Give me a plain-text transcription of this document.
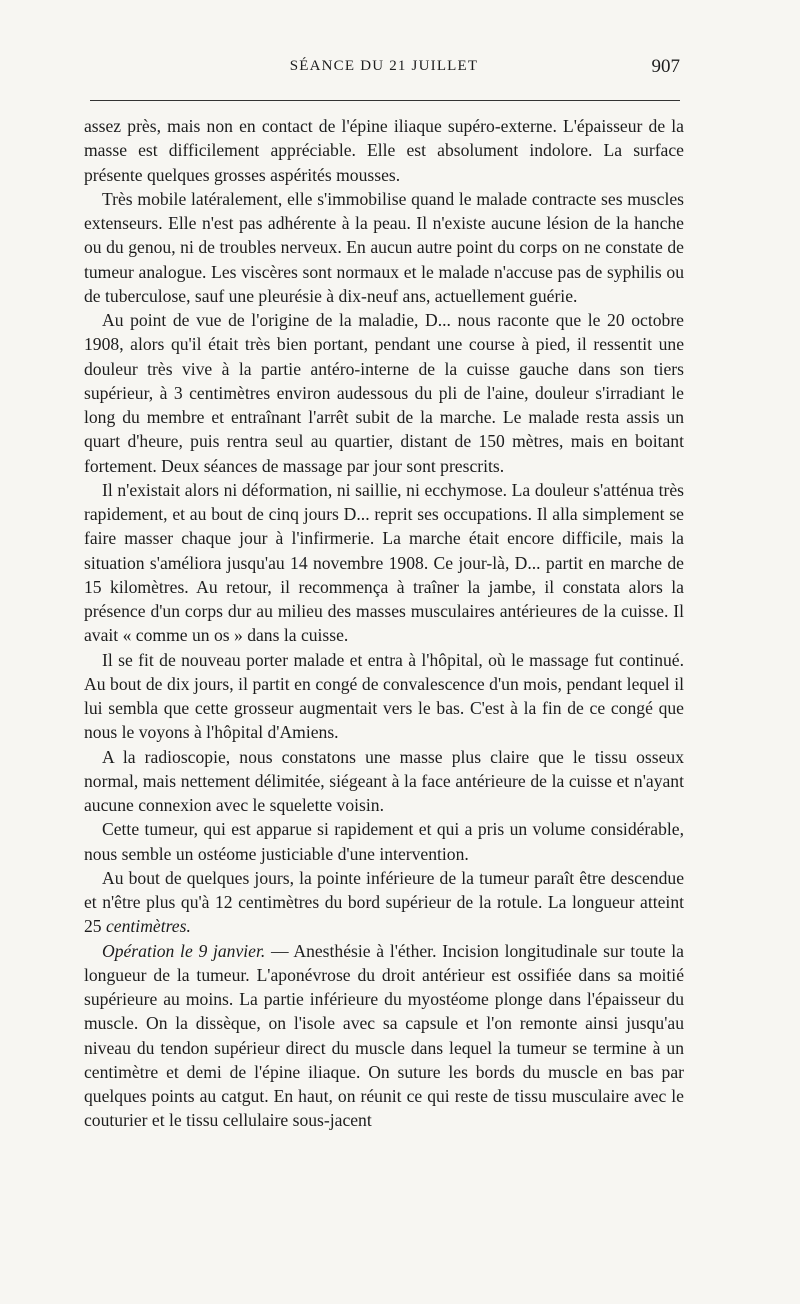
SÉANCE DU 21 JUILLET	907

assez près, mais non en contact de l'épine iliaque supéro-externe. L'épaisseur de la masse est difficilement appréciable. Elle est absolument indolore. La surface présente quelques grosses aspérités mousses.

Très mobile latéralement, elle s'immobilise quand le malade contracte ses muscles extenseurs. Elle n'est pas adhérente à la peau. Il n'existe aucune lésion de la hanche ou du genou, ni de troubles nerveux. En aucun autre point du corps on ne constate de tumeur analogue. Les viscères sont normaux et le malade n'accuse pas de syphilis ou de tuberculose, sauf une pleurésie à dix-neuf ans, actuellement guérie.

Au point de vue de l'origine de la maladie, D... nous raconte que le 20 octobre 1908, alors qu'il était très bien portant, pendant une course à pied, il ressentit une douleur très vive à la partie antéro-interne de la cuisse gauche dans son tiers supérieur, à 3 centimètres environ audessous du pli de l'aine, douleur s'irradiant le long du membre et entraînant l'arrêt subit de la marche. Le malade resta assis un quart d'heure, puis rentra seul au quartier, distant de 150 mètres, mais en boitant fortement. Deux séances de massage par jour sont prescrits.

Il n'existait alors ni déformation, ni saillie, ni ecchymose. La douleur s'atténua très rapidement, et au bout de cinq jours D... reprit ses occupations. Il alla simplement se faire masser chaque jour à l'infirmerie. La marche était encore difficile, mais la situation s'améliora jusqu'au 14 novembre 1908. Ce jour-là, D... partit en marche de 15 kilomètres. Au retour, il recommença à traîner la jambe, il constata alors la présence d'un corps dur au milieu des masses musculaires antérieures de la cuisse. Il avait « comme un os » dans la cuisse.

Il se fit de nouveau porter malade et entra à l'hôpital, où le massage fut continué. Au bout de dix jours, il partit en congé de convalescence d'un mois, pendant lequel il lui sembla que cette grosseur augmentait vers le bas. C'est à la fin de ce congé que nous le voyons à l'hôpital d'Amiens.

A la radioscopie, nous constatons une masse plus claire que le tissu osseux normal, mais nettement délimitée, siégeant à la face antérieure de la cuisse et n'ayant aucune connexion avec le squelette voisin.

Cette tumeur, qui est apparue si rapidement et qui a pris un volume considérable, nous semble un ostéome justiciable d'une intervention.

Au bout de quelques jours, la pointe inférieure de la tumeur paraît être descendue et n'être plus qu'à 12 centimètres du bord supérieur de la rotule. La longueur atteint 25 centimètres.

Opération le 9 janvier. — Anesthésie à l'éther. Incision longitudinale sur toute la longueur de la tumeur. L'aponévrose du droit antérieur est ossifiée dans sa moitié supérieure au moins. La partie inférieure du myostéome plonge dans l'épaisseur du muscle. On la dissèque, on l'isole avec sa capsule et l'on remonte ainsi jusqu'au niveau du tendon supérieur direct du muscle dans lequel la tumeur se termine à un centimètre et demi de l'épine iliaque. On suture les bords du muscle en bas par quelques points au catgut. En haut, on réunit ce qui reste de tissu musculaire avec le couturier et le tissu cellulaire sous-jacent
